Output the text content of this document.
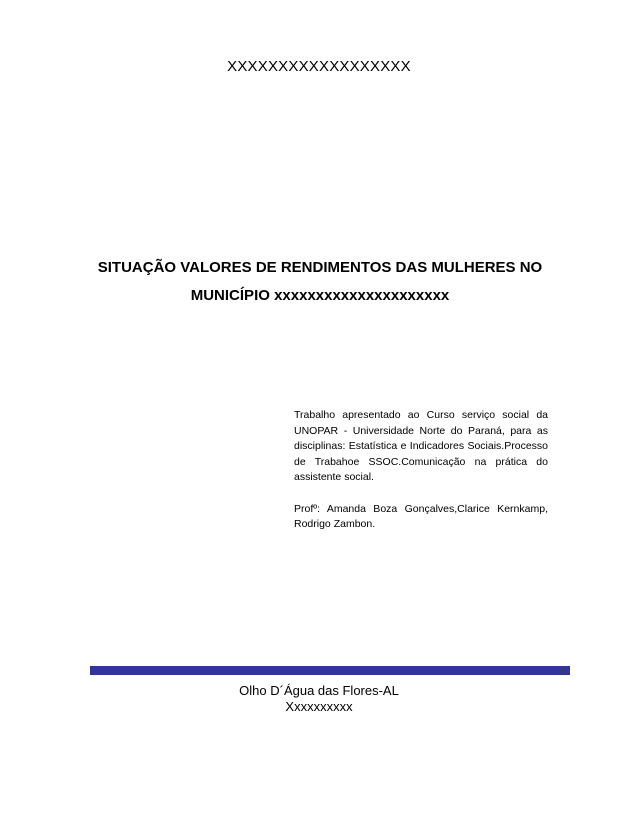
XXXXXXXXXXXXXXXXXX
SITUAÇÃO VALORES DE RENDIMENTOS DAS MULHERES NO
MUNICÍPIO xxxxxxxxxxxxxxxxxxxxx

Trabalho apresentado ao Curso serviço social da UNOPAR - Universidade Norte do Paraná, para as disciplinas: Estatística e Indicadores Sociais.Processo de Trabahoe SSOC.Comunicação na prática do assistente social.

Profº: Amanda Boza Gonçalves,Clarice Kernkamp, Rodrigo Zambon.

Olho D´Água das Flores-AL
Xxxxxxxxxx
